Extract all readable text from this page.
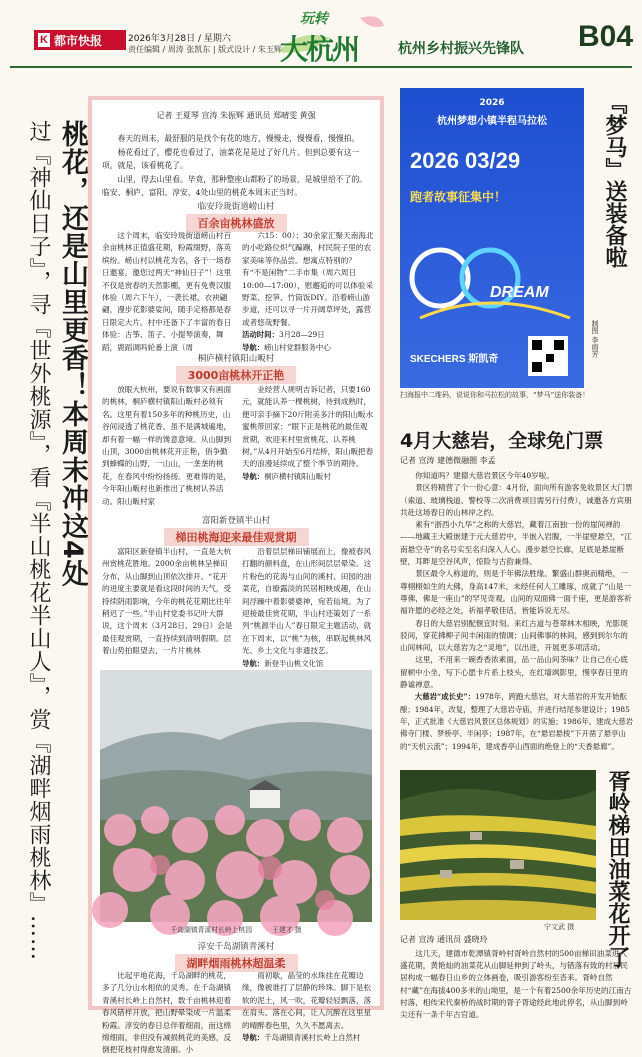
K 都市快报	2026年3月28日 / 星期六
责任编辑 / 周涛 张凯东 | 版式设计 / 朱玉辉
玩转
大杭州	杭州乡村振兴先锋队 B04
桃花，还是山里更香！本周末冲这4处
过『神仙日子』，寻『世外桃源』，看『半山桃花半山人』，赏『湖畔烟雨桃林』……
记者 王夏琴 宣涛 朱振辉 通讯员 郑晴雯 黄强

春天的周末，最舒服的是找个有花的地方，慢慢走，慢慢看，慢慢拍。

杨花看过了，樱花也看过了，油菜花是是过了好几片。但到总要有这一项，就是，该看桃花了。

山里，得去山里看。毕竟，那种整座山都粉了的场景，是城里给不了的。临安、桐庐、富阳、淳安，4处山里的桃花本周末正当时。

临安玲珑街道崂山村
百余亩桃林盛放
这个周末，临安玲珑街道崂山村百余亩桃林正值盛花期，粉霞缀野，落英缤纷。崂山村以桃花为名，各于一场春日邀宴，邀您过两天“神仙日子”！这里不仅是赏春的天然影棚，更有免费汉服体验（周六下午），一袭长裙，衣袂翩翩，漫步花影婆娑间，随手定格都是春日限定大片。村中还备下了丰富的春日体验：古筝、笛子、小提琴演奏，舞蹈，鹿蹈调吗轮番上演（周
六15：00）；30余家汇聚天南海北的小吃路位炽气蹁蹦，村民院子里的农家美味等你品尝。想寓点特别的？有“不是闲物”二手市集（周六周日10:00—17:00），慰邂逅的可以体验采野菜、挖笋、竹筒饭DIY。沿着崂山游步道，还可以寻一片开阔草坪处，露营或者悠哉野餐。
活动时间：3月28—29日
导航：崂山村党群服务中心
桐庐横村镇阳山畈村
3000亩桃林开正艳
放眼大杭州，要说有数事又有画面的桃林，桐庐横村镇阳山畈村必须有名。这里有着150多年的种桃历史，山谷间浸透了桃花香，虽不是满城遍地，却有着一幅一样的馋意意境。从山脚到山顶，3000亩桃林花开正艳，俏争勤到蜂蝶的山野，一山山，一垄垄的桃花，在春风中纷纷扬扬。更难得的是，今年阳山畈村也新推出了桃树认养活动。阳山畈村家
业经营人规明吉诉记者，只要160元，就能认养一棵桃树，待到成熟时，便可亲手摘下20斤附美多汁的阳山畈水蜜桃带回家；“眼下正是桃花的最佳观赏期，欢迎来村里赏桃花、认养桃树。”从4月开始至6月结桥，阳山畈把春天的浪漫延续成了整个季节的期待。
导航：桐庐横村镇阳山畈村
富阳新登镇半山村
梯田桃海迎来最佳观赏期
富阳区新登镇半山村，一直是大杭州赏桃花胜地。2000余亩桃林呈梯田分布，从山脚到山顶依次排开。“花开的进度主要就是看这段时间的天气，受持续阴雨影响，今年的桃花花期比往年稍迟了一些。”半山村党委书记叶大群说，这个周末（3月28日、29日）会是最佳观赏期，一直持续到清明假期。层着山势拍眼望去，一片片桃林
沿着层层梯田铺展而上，像被春风打翻的颜料盘，在山形间层层晕染。这片粉色的花海与山间的溪村、田园的油菜花，自缭露淡的民居相映成趣，在山间浮躁中着影婆婆神，宛若仙境。为了迎接最佳赏花期，半山村还策划了一系列“桃源半山人”春日限定主题活动，就在下周末，以“桃”为核，串联起桃林风光、乡土文化与非遗技艺。
导航：新登半山桃文化馆
千岛湖镇青溪村长岭上桃园	王建才 摄
淳安千岛湖镇青溪村
湖畔烟雨桃林超温柔
比起平地花海，千岛湖畔的桃花，多了几分山水相依的灵秀。在千岛湖镇青溪村长岭上自然村，数千亩桃林迎着春风错样开放，把山野晕染成一片温柔粉霞。淳安的春日总伴着细雨，而这绵绵细雨，非但没有减损桃花的美感，反倒把花枝衬得愈发清丽。小
雨初歇，晶莹的水珠挂在花瓣边缘，像被谁打了层静的珍珠。脚下是松软的泥土，风一吹，花瓣轻轻飘落，落在肩头、落在心间，让人沉醉在这里星的晴醉春色里，久久不愿离去。
导航：千岛湖镇青溪村长岭上自然村
2026
杭州梦想小镇半程马拉松
2026 03/29
跑者故事征集中！
DREAM
SKECHERS 斯凯奇
『梦马』送装备啦
制图 李雨芳
扫海报中二维码，说说你和马拉松的故事，“梦马”送你装备！
4月大慈岩，全球免门票
记者 宣涛 建德微融圈 李孟

你知道吗？建德大慈岩景区今年40岁啦。

景区将精营了个一份心意：4月份，面向所有游客免收景区大门票（索道、玻璃栈道、警校等二次消费项目需另行付费），诚邀各方宾朋共赴这场春日的山林岸之约。

素有“浙西小九华”之称的大慈岩，藏着江南独一份的崖间禅韵——地藏王大殿嵌建于元大慈岩中，半嵌入岩腹，一半崖壁悬空，“江南悬空寺”的名号实至名归深入人心。漫步悬空长廊，足底是悬崖断壁，耳畔是空谷风声，惊险与古韵兼得。

景区最令人称道的，则是千年佛法胜缘。繁盛山群奥而精绝，一尊栩栩如生的大佛，身高147米，未经任何人工雕琢，成就了“山是一尊佛，佛是一座山”的罕见奇观。山间的双面佛一面千座，更是游客祈福许愿的必经之处，祈福孝敬佳话，皆能诉说无尽。

春日的大慈岩别配惬宜时刻。来红古道与苍翠林木相映，光影斑驳间，穿花拂柳子间丰闲雨的情调；山间佛事的林间，感到到尔尔的山间林间，以大慈岩为之“灵地”，以出进，开展更多项活动。

这里，不用来一碗香香浓素面，品一品山间茶味？让自己在心底留顿中小坐，写下心愿卡片系上枝头，在红墙飒影里，慢享春日里的静谧禅意。

大慈岩“成长史”：1978年，跨跑大慈岩，对大慈岩的开发开始酝酿；1984年，改复，整理了大慈岩寺庙，并进行结尾参建设计；1985年，正式批准《大慈岩风景区总体规划》的实施；1986年，建成大慈岩佛寺门楼、梦桥亭、半闲亭；1987年，在“悬岩悬棱”下开凿了悬亭山的“天机云流”；1994年，建成香亭山西面的绝登上的“天香悬廊”。

胥岭梯田油菜花开了
宁文武 摄
记者 宣涛 通讯员 盛晓玲
这几天，建德市乾潭镇胥岭村胥岭自然村的500亩梯田油菜进入盛花期，黄艳灿的油菜花从山脚延伸到了岭头，与错落有致的村居民居构成一幅春日山乡的立体画卷，吸引游客纷至沓来。胥岭自然村“藏”在海拔400多米的山坳里，是一个有着2500余年历史的江南古村落，相传宋代秦桥的战时期的胥子胥途经此地此停名，从山脚到岭尖还有一条千年古官道。
